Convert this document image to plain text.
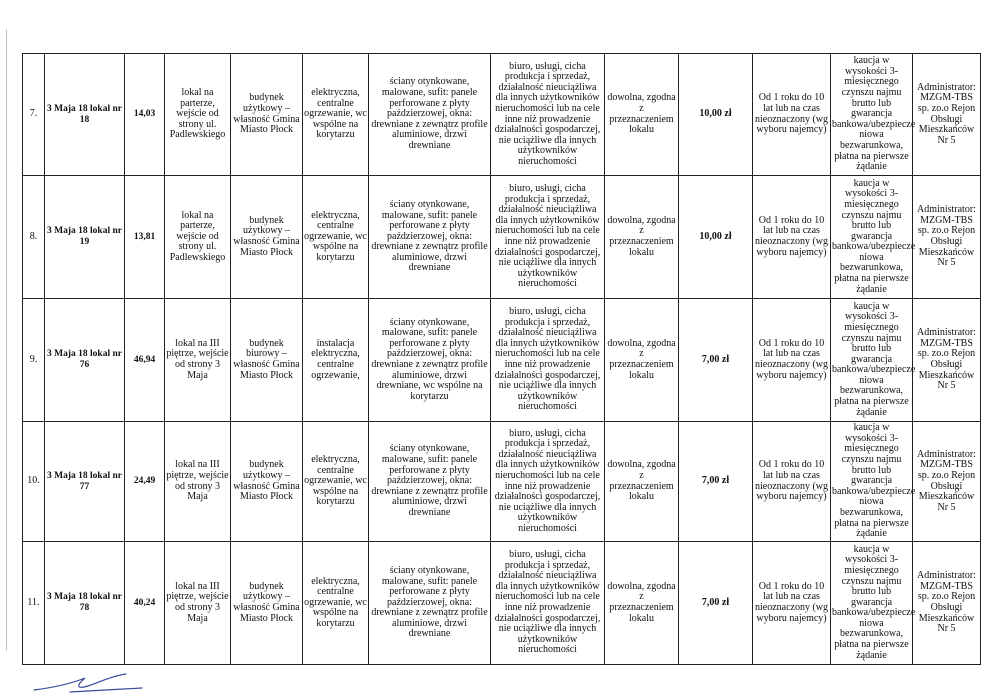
7.	3 Maja 18 lokal nr 18	14,03	lokal na parterze, wejście od strony ul. Padlewskiego	budynek użytkowy – własność Gmina Miasto Płock	elektryczna, centralne ogrzewanie, wc wspólne na korytarzu	ściany otynkowane, malowane, sufit: panele perforowane z płyty paździerzowej, okna: drewniane z zewnątrz profile aluminiowe, drzwi drewniane	biuro, usługi, cicha produkcja i sprzedaż, działalność nieuciążliwa dla innych użytkowników nieruchomości lub na cele inne niż prowadzenie działalności gospodarczej, nie uciążliwe dla innych użytkowników nieruchomości	dowolna, zgodna z przeznaczeniem lokalu	10,00 zł	Od 1 roku do 10 lat lub na czas nieoznaczony (wg wyboru najemcy)	kaucja w wysokości 3-miesięcznego czynszu najmu brutto lub gwarancja bankowa/ubezpiecze niowa bezwarunkowa, płatna na pierwsze żądanie	Administrator: MZGM-TBS sp. zo.o Rejon Obsługi Mieszkańców Nr 5
8.	3 Maja 18 lokal nr 19	13,81	lokal na parterze, wejście od strony ul. Padlewskiego	budynek użytkowy – własność Gmina Miasto Płock	elektryczna, centralne ogrzewanie, wc wspólne na korytarzu	ściany otynkowane, malowane, sufit: panele perforowane z płyty paździerzowej, okna: drewniane z zewnątrz profile aluminiowe, drzwi drewniane	biuro, usługi, cicha produkcja i sprzedaż, działalność nieuciążliwa dla innych użytkowników nieruchomości lub na cele inne niż prowadzenie działalności gospodarczej, nie uciążliwe dla innych użytkowników nieruchomości	dowolna, zgodna z przeznaczeniem lokalu	10,00 zł	Od 1 roku do 10 lat lub na czas nieoznaczony (wg wyboru najemcy)	kaucja w wysokości 3-miesięcznego czynszu najmu brutto lub gwarancja bankowa/ubezpiecze niowa bezwarunkowa, płatna na pierwsze żądanie	Administrator: MZGM-TBS sp. zo.o Rejon Obsługi Mieszkańców Nr 5
9.	3 Maja 18 lokal nr 76	46,94	lokal na III piętrze, wejście od strony 3 Maja	budynek biurowy – własność Gmina Miasto Płock	instalacja elektryczna, centralne ogrzewanie,	ściany otynkowane, malowane, sufit: panele perforowane z płyty paździerzowej, okna: drewniane z zewnątrz profile aluminiowe, drzwi drewniane, wc wspólne na korytarzu	biuro, usługi, cicha produkcja i sprzedaż, działalność nieuciążliwa dla innych użytkowników nieruchomości lub na cele inne niż prowadzenie działalności gospodarczej, nie uciążliwe dla innych użytkowników nieruchomości	dowolna, zgodna z przeznaczeniem lokalu	7,00 zł	Od 1 roku do 10 lat lub na czas nieoznaczony (wg wyboru najemcy)	kaucja w wysokości 3-miesięcznego czynszu najmu brutto lub gwarancja bankowa/ubezpiecze niowa bezwarunkowa, płatna na pierwsze żądanie	Administrator: MZGM-TBS sp. zo.o Rejon Obsługi Mieszkańców Nr 5
10.	3 Maja 18 lokal nr 77	24,49	lokal na III piętrze, wejście od strony 3 Maja	budynek użytkowy – własność Gmina Miasto Płock	elektryczna, centralne ogrzewanie, wc wspólne na korytarzu	ściany otynkowane, malowane, sufit: panele perforowane z płyty paździerzowej, okna: drewniane z zewnątrz profile aluminiowe, drzwi drewniane	biuro, usługi, cicha produkcja i sprzedaż, działalność nieuciążliwa dla innych użytkowników nieruchomości lub na cele inne niż prowadzenie działalności gospodarczej, nie uciążliwe dla innych użytkowników nieruchomości	dowolna, zgodna z przeznaczeniem lokalu	7,00 zł	Od 1 roku do 10 lat lub na czas nieoznaczony (wg wyboru najemcy)	kaucja w wysokości 3-miesięcznego czynszu najmu brutto lub gwarancja bankowa/ubezpiecze niowa bezwarunkowa, płatna na pierwsze żądanie	Administrator: MZGM-TBS sp. zo.o Rejon Obsługi Mieszkańców Nr 5
11.	3 Maja 18 lokal nr 78	40,24	lokal na III piętrze, wejście od strony 3 Maja	budynek użytkowy – własność Gmina Miasto Płock	elektryczna, centralne ogrzewanie, wc wspólne na korytarzu	ściany otynkowane, malowane, sufit: panele perforowane z płyty paździerzowej, okna: drewniane z zewnątrz profile aluminiowe, drzwi drewniane	biuro, usługi, cicha produkcja i sprzedaż, działalność nieuciążliwa dla innych użytkowników nieruchomości lub na cele inne niż prowadzenie działalności gospodarczej, nie uciążliwe dla innych użytkowników nieruchomości	dowolna, zgodna z przeznaczeniem lokalu	7,00 zł	Od 1 roku do 10 lat lub na czas nieoznaczony (wg wyboru najemcy)	kaucja w wysokości 3-miesięcznego czynszu najmu brutto lub gwarancja bankowa/ubezpiecze niowa bezwarunkowa, płatna na pierwsze żądanie	Administrator: MZGM-TBS sp. zo.o Rejon Obsługi Mieszkańców Nr 5
